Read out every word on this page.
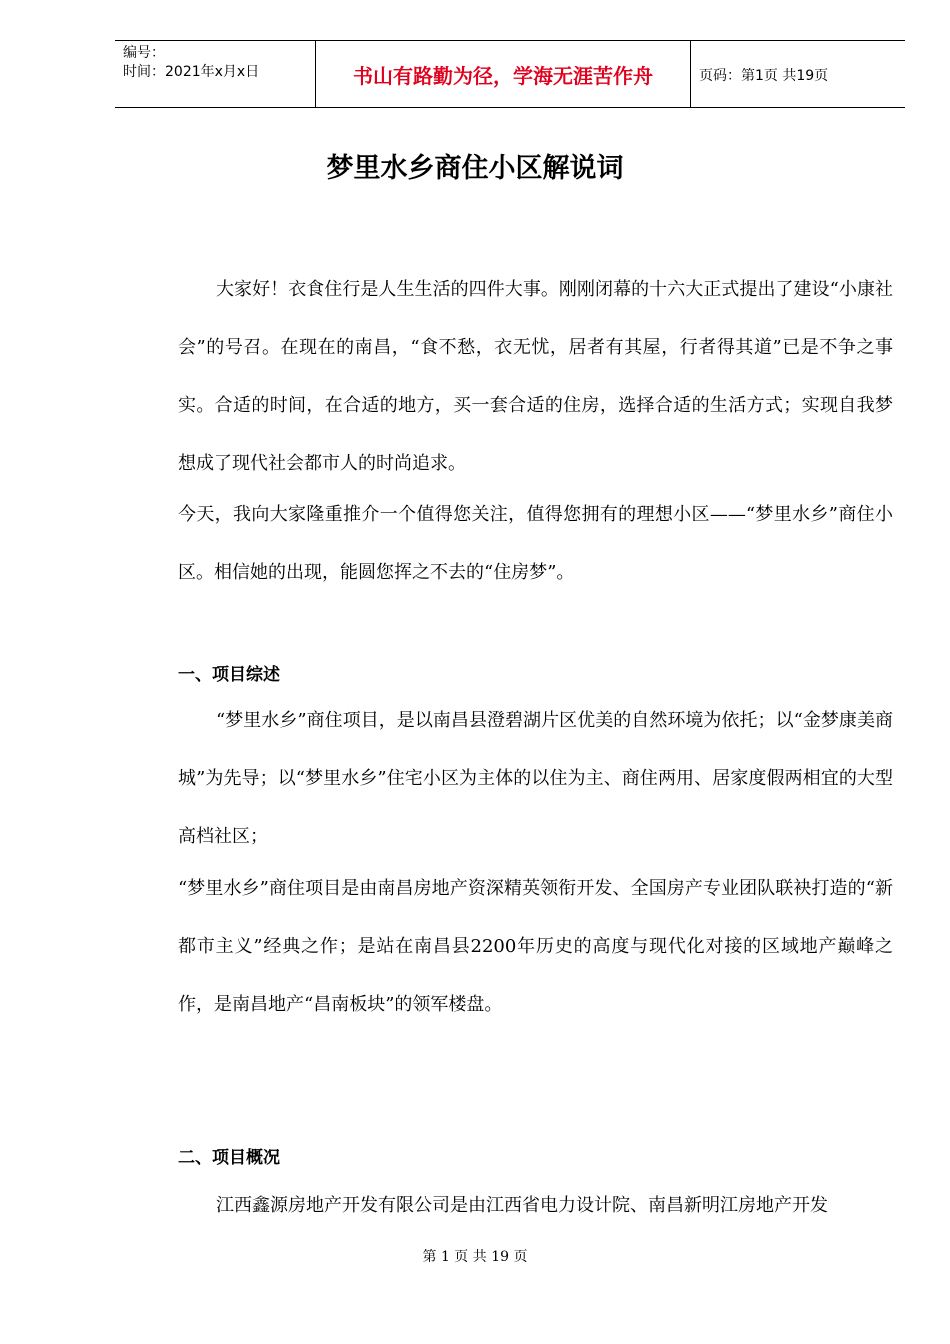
编号：
时间：2021年x月x日	书山有路勤为径，学海无涯苦作舟	页码：第1页 共19页
梦里水乡商住小区解说词

大家好！衣食住行是人生生活的四件大事。刚刚闭幕的十六大正式提出了建设“小康社会”的号召。在现在的南昌，“食不愁，衣无忧，居者有其屋，行者得其道”已是不争之事实。合适的时间，在合适的地方，买一套合适的住房，选择合适的生活方式；实现自我梦想成了现代社会都市人的时尚追求。

今天，我向大家隆重推介一个值得您关注，值得您拥有的理想小区——“梦里水乡”商住小区。相信她的出现，能圆您挥之不去的“住房梦”。

一、项目综述

“梦里水乡”商住项目，是以南昌县澄碧湖片区优美的自然环境为依托；以“金梦康美商城”为先导；以“梦里水乡”住宅小区为主体的以住为主、商住两用、居家度假两相宜的大型高档社区；

“梦里水乡”商住项目是由南昌房地产资深精英领衔开发、全国房产专业团队联袂打造的“新都市主义”经典之作；是站在南昌县2200年历史的高度与现代化对接的区域地产巅峰之作，是南昌地产“昌南板块”的领军楼盘。

二、项目概况

江西鑫源房地产开发有限公司是由江西省电力设计院、南昌新明江房地产开发

第 1 页 共 19 页
